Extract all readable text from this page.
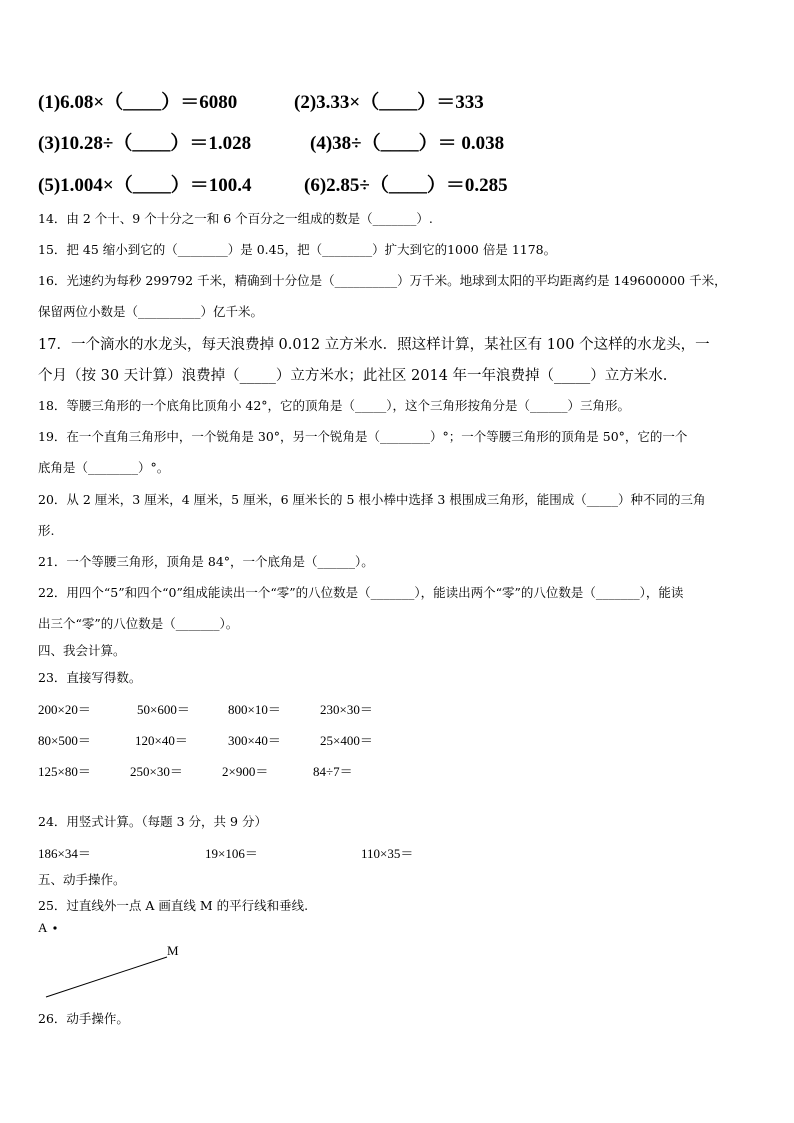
(1)6.08×（____）＝6080	(2)3.33×（____）＝333
(3)10.28÷（____）＝1.028	(4)38÷（____）＝ 0.038
(5)1.004×（____）＝100.4	(6)2.85÷（____）＝0.285
14．由 2 个十、9 个十分之一和 6 个百分之一组成的数是（_______）.
15．把 45 缩小到它的（________）是 0.45，把（________）扩大到它的1000 倍是 1178。
16．光速约为每秒 299792 千米，精确到十分位是（__________）万千米。地球到太阳的平均距离约是 149600000 千米，
保留两位小数是（__________）亿千米。
17．一个滴水的水龙头，每天浪费掉 0.012 立方米水．照这样计算，某社区有 100 个这样的水龙头，一
个月（按 30 天计算）浪费掉（_____）立方米水；此社区 2014 年一年浪费掉（_____）立方米水.
18．等腰三角形的一个底角比顶角小 42°，它的顶角是（_____），这个三角形按角分是（______）三角形。
19．在一个直角三角形中，一个锐角是 30°，另一个锐角是（________）°；一个等腰三角形的顶角是 50°，它的一个
底角是（________）°。
20．从 2 厘米，3 厘米，4 厘米，5 厘米，6 厘米长的 5 根小棒中选择 3 根围成三角形，能围成（_____）种不同的三角
形.
21．一个等腰三角形，顶角是 84°，一个底角是（______）。
22．用四个“5”和四个“0”组成能读出一个“零”的八位数是（_______），能读出两个“零”的八位数是（_______），能读
出三个“零”的八位数是（_______）。
四、我会计算。
23．直接写得数。
200×20＝	50×600＝	800×10＝	230×30＝
80×500＝	120×40＝	300×40＝	25×400＝
125×80＝	250×30＝	2×900＝	84÷7＝
24．用竖式计算。（每题 3 分，共 9 分）
186×34＝	19×106＝	110×35＝
五、动手操作。
25．过直线外一点 A 画直线 M 的平行线和垂线.
A
M
26．动手操作。
